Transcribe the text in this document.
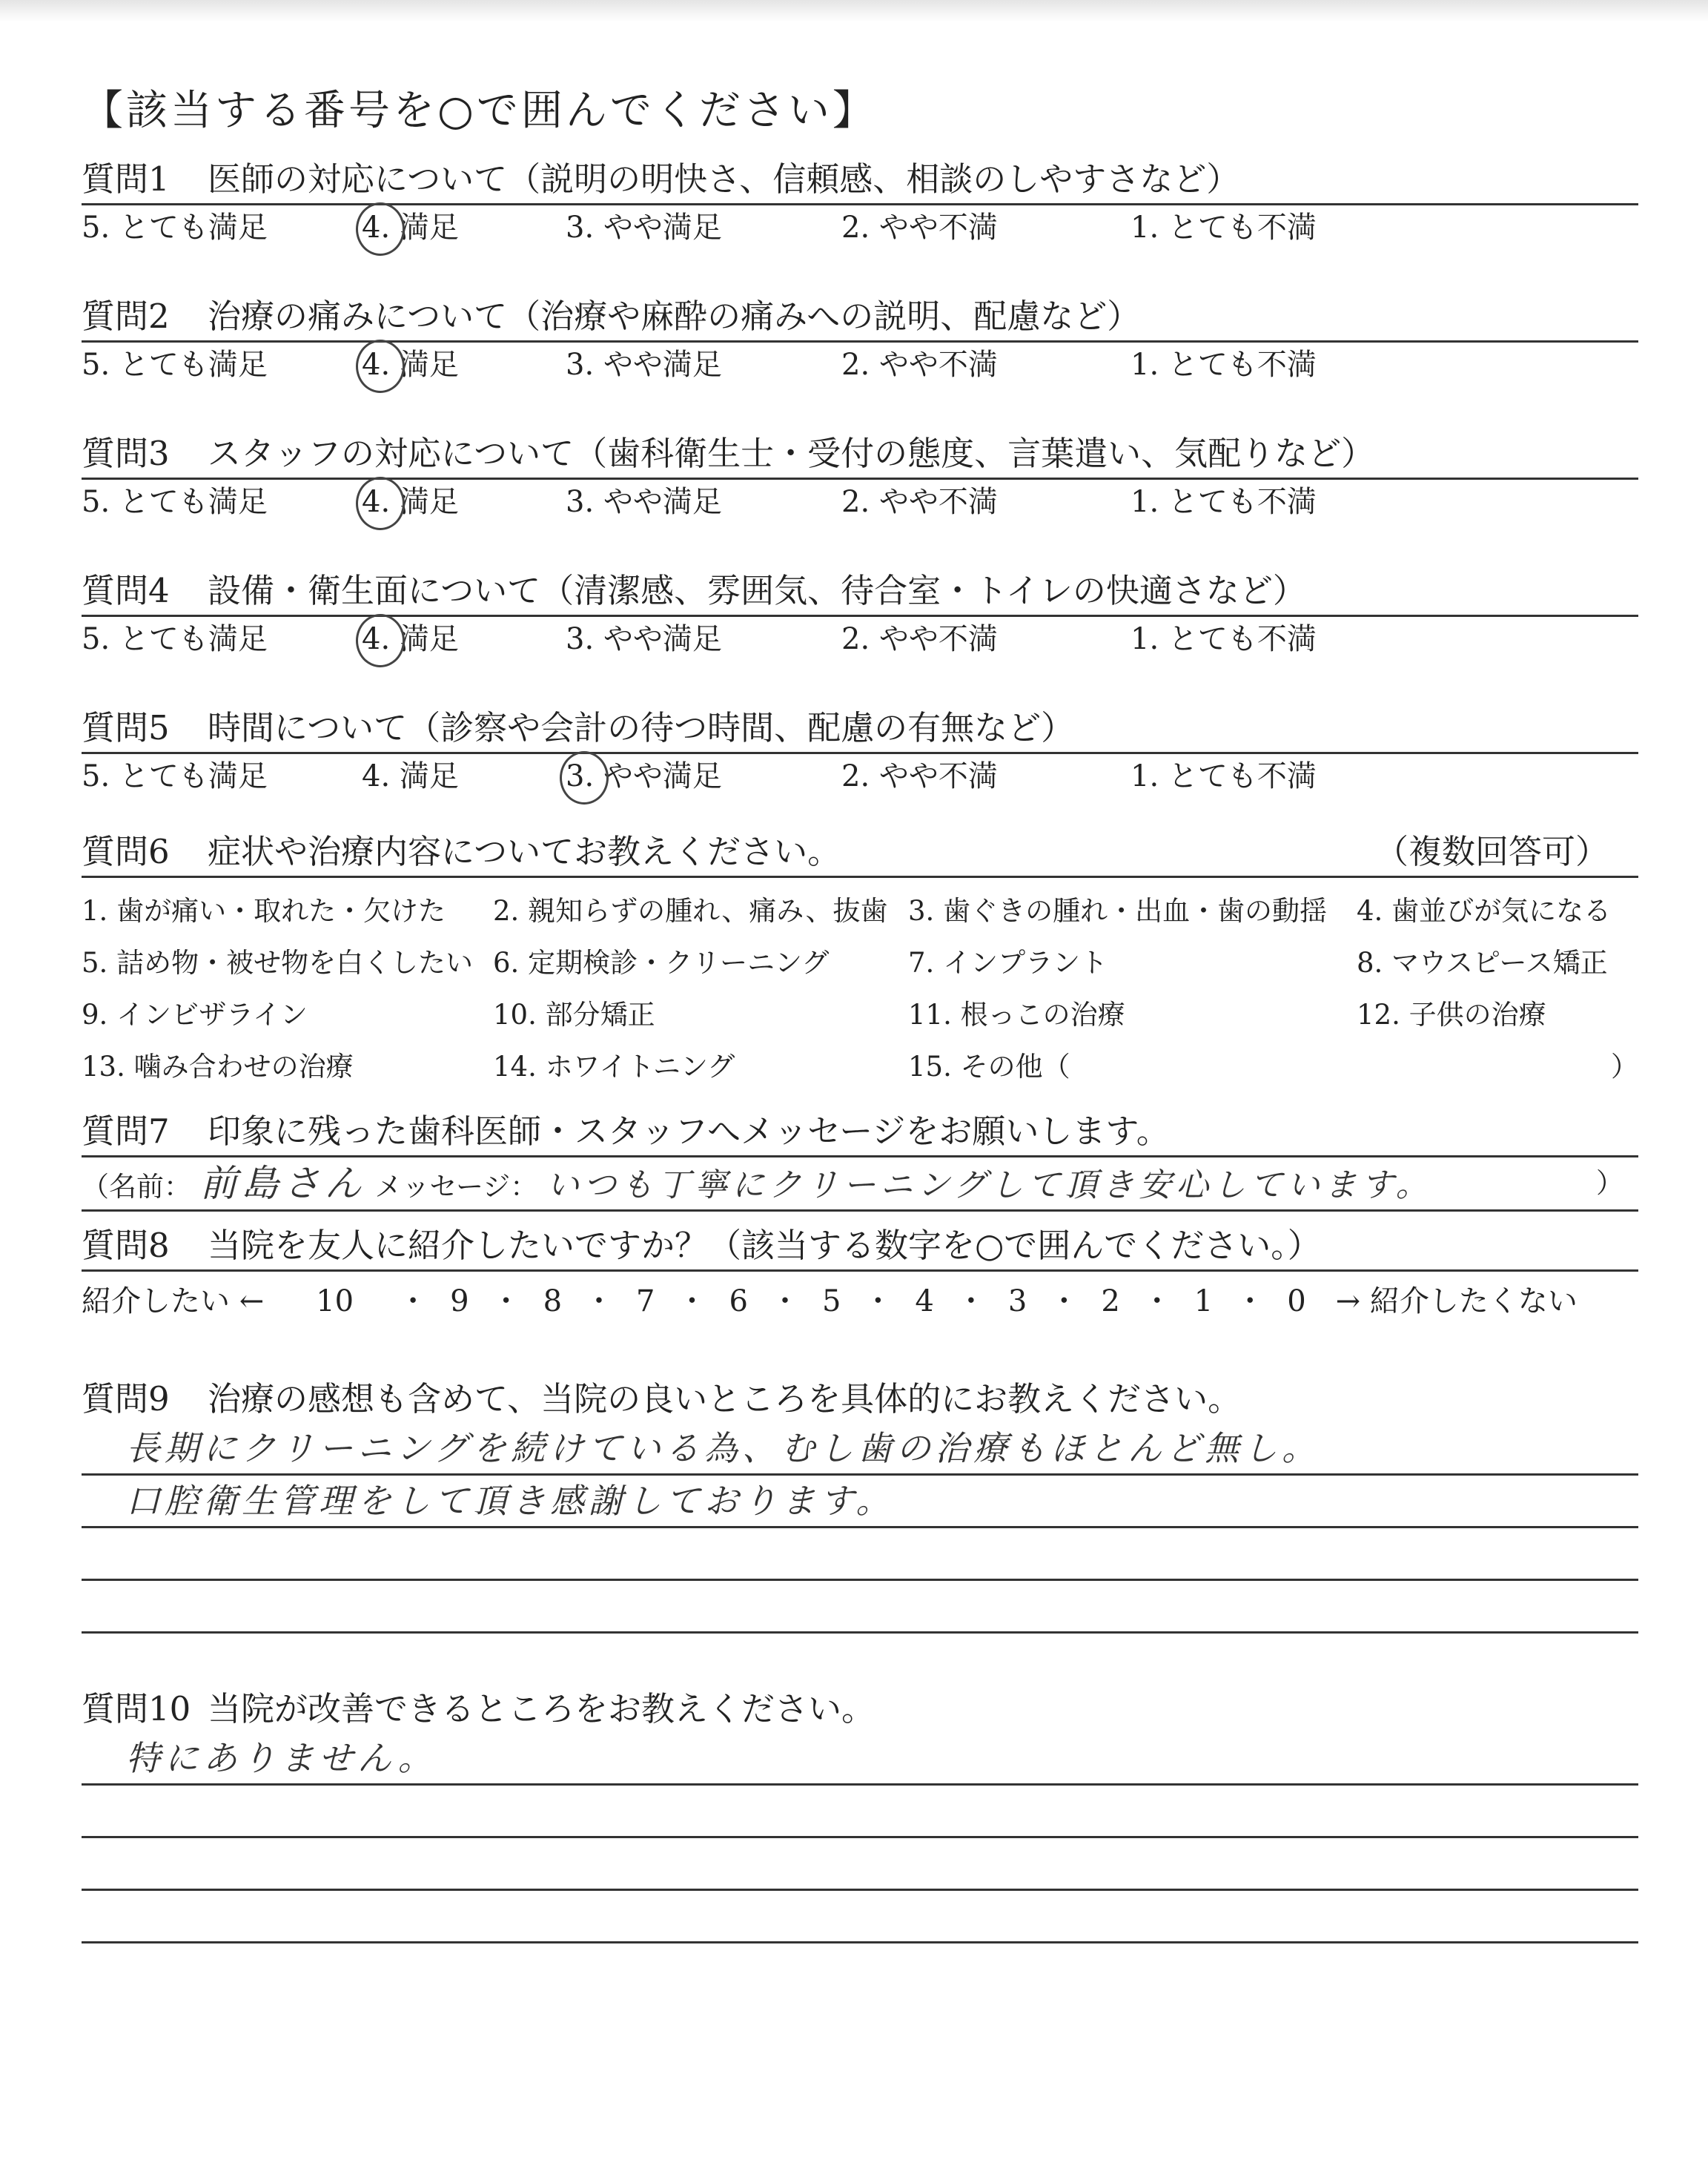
【該当する番号を○で囲んでください】
質問1 医師の対応について（説明の明快さ、信頼感、相談のしやすさなど）
5. とても満足	4. 満足	3. やや満足	2. やや不満	1. とても不満
質問2 治療の痛みについて（治療や麻酔の痛みへの説明、配慮など）
5. とても満足	4. 満足	3. やや満足	2. やや不満	1. とても不満
質問3 スタッフの対応について（歯科衛生士・受付の態度、言葉遣い、気配りなど）
5. とても満足	4. 満足	3. やや満足	2. やや不満	1. とても不満
質問4 設備・衛生面について（清潔感、雰囲気、待合室・トイレの快適さなど）
5. とても満足	4. 満足	3. やや満足	2. やや不満	1. とても不満
質問5 時間について（診察や会計の待つ時間、配慮の有無など）
5. とても満足	4. 満足	3. やや満足	2. やや不満	1. とても不満
質問6 症状や治療内容についてお教えください。	（複数回答可）
1. 歯が痛い・取れた・欠けた	2. 親知らずの腫れ、痛み、抜歯 3. 歯ぐきの腫れ・出血・歯の動揺	4. 歯並びが気になる
5. 詰め物・被せ物を白くしたい 6. 定期検診・クリーニング	7. インプラント	8. マウスピース矯正
9. インビザライン	10. 部分矯正	11. 根っこの治療	12. 子供の治療
13. 噛み合わせの治療	14. ホワイトニング	15. その他（	）
質問7 印象に残った歯科医師・スタッフへメッセージをお願いします。
（名前： 前島さん メッセージ： いつも丁寧にクリーニングして頂き安心しています。	）
質問8 当院を友人に紹介したいですか？（該当する数字を○で囲んでください。）
紹介したい ← 10 ・ 9 ・ 8 ・ 7 ・ 6 ・ 5 ・ 4 ・ 3 ・ 2 ・ 1 ・ 0 → 紹介したくない
質問9 治療の感想も含めて、当院の良いところを具体的にお教えください。
長期にクリーニングを続けている為、むし歯の治療もほとんど無し。
口腔衛生管理をして頂き感謝しております。
質問10 当院が改善できるところをお教えください。
特にありません。
